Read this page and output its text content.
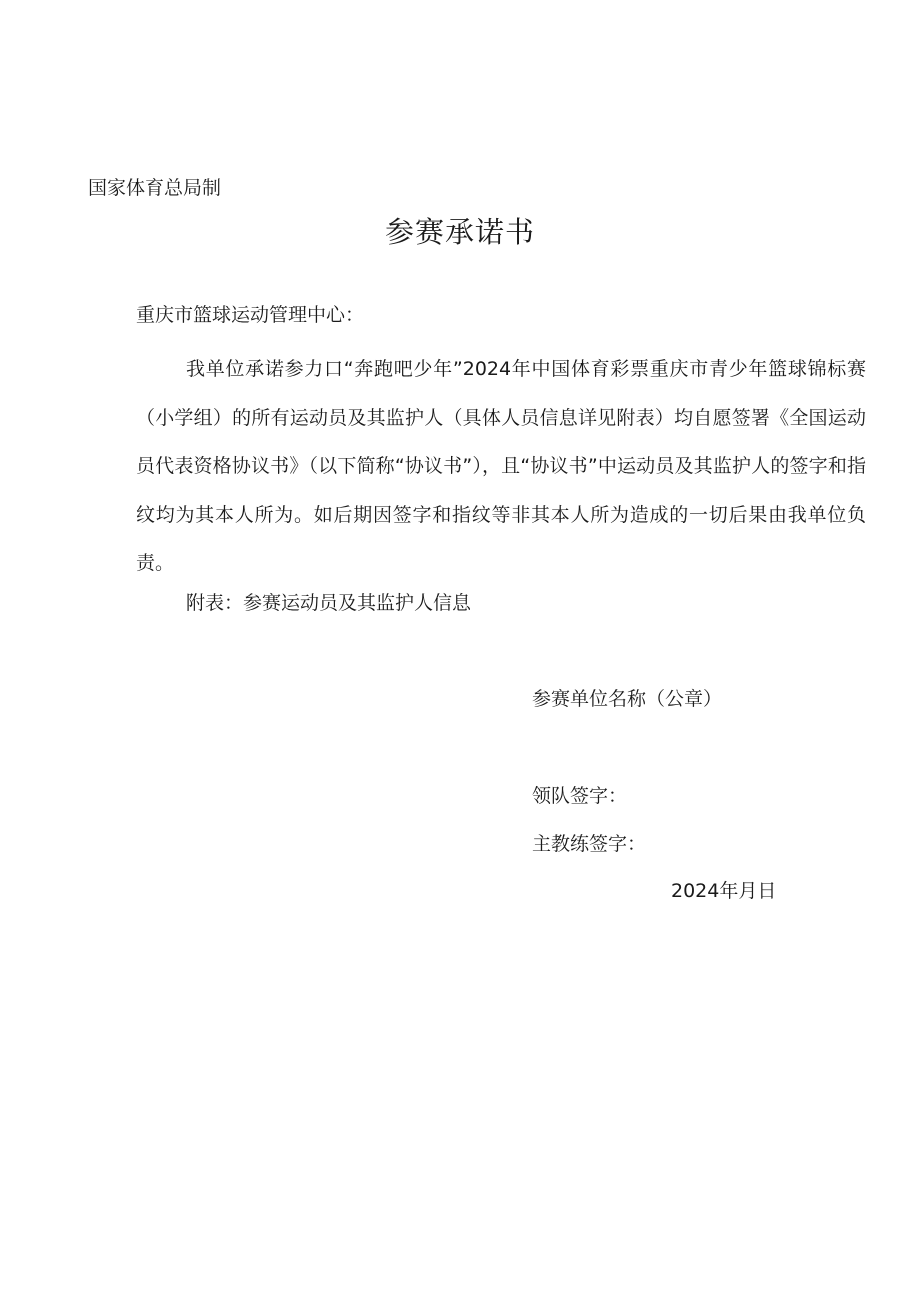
国家体育总局制
参赛承诺书
重庆市篮球运动管理中心：
我单位承诺参力口“奔跑吧少年”2024年中国体育彩票重庆市青少年篮球锦标赛（小学组）的所有运动员及其监护人（具体人员信息详见附表）均自愿签署《全国运动员代表资格协议书》（以下简称“协议书”），且“协议书”中运动员及其监护人的签字和指纹均为其本人所为。如后期因签字和指纹等非其本人所为造成的一切后果由我单位负责。
附表：参赛运动员及其监护人信息
参赛单位名称（公章）
领队签字：
主教练签字：
2024年月日
